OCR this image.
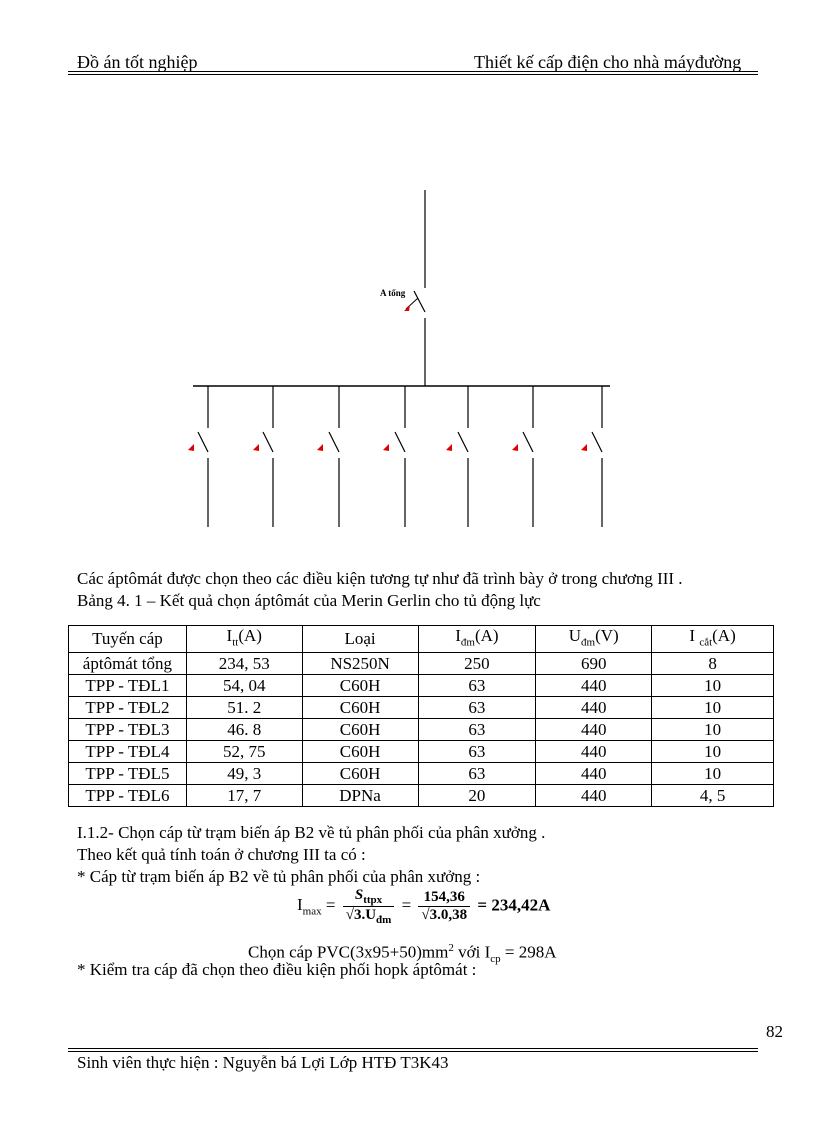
Đồ án tốt nghiệp	Thiết kế cấp điện cho nhà máyđường
A tổng
Các áptômát được chọn theo các điều kiện tương tự như đã trình bày ở trong chương III .
Bảng 4. 1 – Kết quả chọn áptômát của Merin Gerlin cho tủ động lực
Tuyến cáp	$I_{tt}(A)$	Loại	$I_{đm}(A)$	$U_{đm}(V)$	I $_{cắt}$(A)
áptômát tổng	234, 53	NS250N	250	690	8
TPP - TĐL1	54, 04	C60H	63	440	10
TPP - TĐL2	51. 2	C60H	63	440	10
TPP - TĐL3	46. 8	C60H	63	440	10
TPP - TĐL4	52, 75	C60H	63	440	10
TPP - TĐL5	49, 3	C60H	63	440	10
TPP - TĐL6	17, 7	DPNa	20	440	4, 5
I.1.2- Chọn cáp từ trạm biến áp B2 về tủ phân phối của phân xưởng .
Theo kết quả tính toán ở chương III ta có :
* Cáp từ trạm biến áp B2 về tủ phân phối của phân xưởng :
$I_{max} = \frac{S_{ttpx}}{√3.U_{đm}} = \frac{154,36}{√3.0,38} = 234,42A$
Chọn cáp $PVC(3x95+50)mm^2$ với $I_{cp} = 298A$
* Kiểm tra cáp đã chọn theo điều kiện phối hopk áptômát :
82
Sinh viên thực hiện : Nguyễn bá Lợi Lớp HTĐ T3K43
